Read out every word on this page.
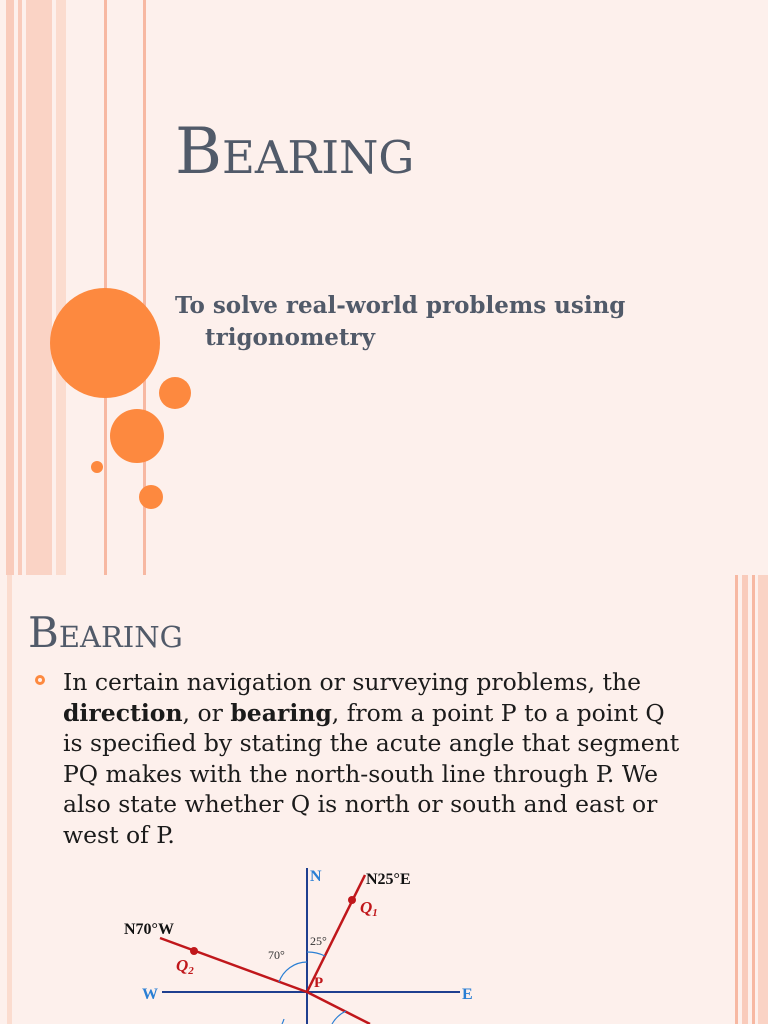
Bearing
To solve real-world problems using trigonometry
Bearing
In certain navigation or surveying problems, the direction, or bearing, from a point P to a point Q is specified by stating the acute angle that segment PQ makes with the north-south line through P. We also state whether Q is north or south and east or west of P.
N
W	E
P
N25°E
N70°W
Q1
Q2
25°
70°
